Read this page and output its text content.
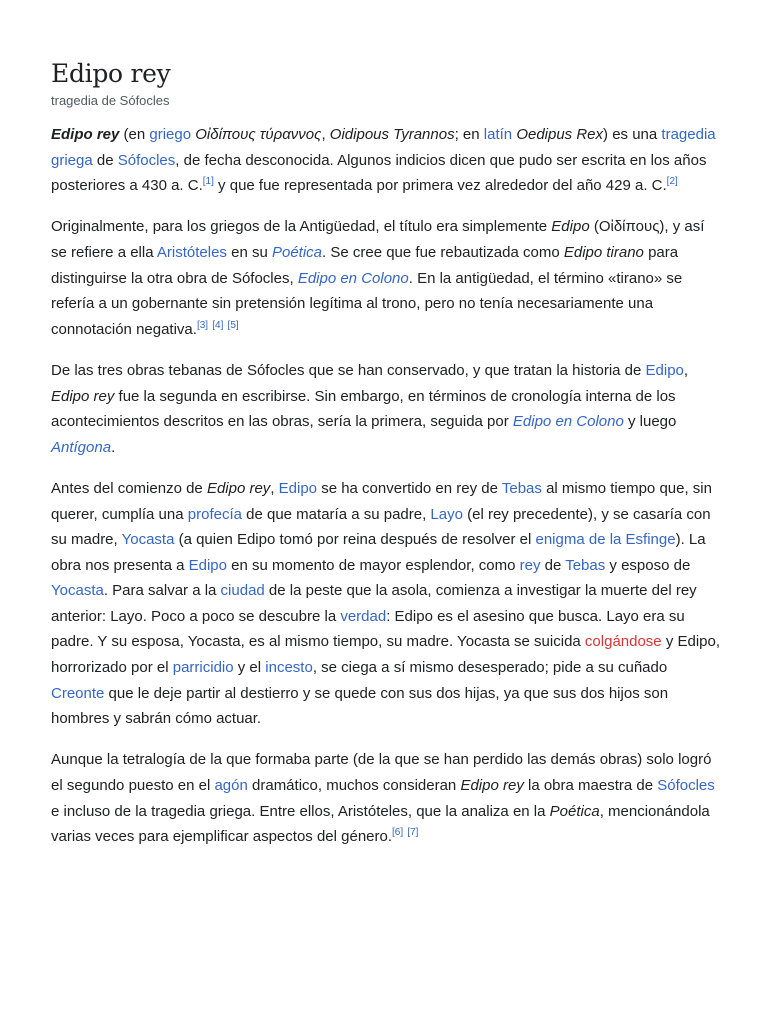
Edipo rey
tragedia de Sófocles

Edipo rey (en griego Οἰδίπους τύραννος, Oidipous Tyrannos; en latín Oedipus Rex) es una tragedia griega de Sófocles, de fecha desconocida. Algunos indicios dicen que pudo ser escrita en los años posteriores a 430 a. C.[1] y que fue representada por primera vez alrededor del año 429 a. C.[2]

Originalmente, para los griegos de la Antigüedad, el título era simplemente Edipo (Οἰδίπους), y así se refiere a ella Aristóteles en su Poética. Se cree que fue rebautizada como Edipo tirano para distinguirse la otra obra de Sófocles, Edipo en Colono. En la antigüedad, el término «tirano» se refería a un gobernante sin pretensión legítima al trono, pero no tenía necesariamente una connotación negativa.[3] [4] [5]

De las tres obras tebanas de Sófocles que se han conservado, y que tratan la historia de Edipo, Edipo rey fue la segunda en escribirse. Sin embargo, en términos de cronología interna de los acontecimientos descritos en las obras, sería la primera, seguida por Edipo en Colono y luego Antígona.

Antes del comienzo de Edipo rey, Edipo se ha convertido en rey de Tebas al mismo tiempo que, sin querer, cumplía una profecía de que mataría a su padre, Layo (el rey precedente), y se casaría con su madre, Yocasta (a quien Edipo tomó por reina después de resolver el enigma de la Esfinge). La obra nos presenta a Edipo en su momento de mayor esplendor, como rey de Tebas y esposo de Yocasta. Para salvar a la ciudad de la peste que la asola, comienza a investigar la muerte del rey anterior: Layo. Poco a poco se descubre la verdad: Edipo es el asesino que busca. Layo era su padre. Y su esposa, Yocasta, es al mismo tiempo, su madre. Yocasta se suicida colgándose y Edipo, horrorizado por el parricidio y el incesto, se ciega a sí mismo desesperado; pide a su cuñado Creonte que le deje partir al destierro y se quede con sus dos hijas, ya que sus dos hijos son hombres y sabrán cómo actuar.

Aunque la tetralogía de la que formaba parte (de la que se han perdido las demás obras) solo logró el segundo puesto en el agón dramático, muchos consideran Edipo rey la obra maestra de Sófocles e incluso de la tragedia griega. Entre ellos, Aristóteles, que la analiza en la Poética, mencionándola varias veces para ejemplificar aspectos del género.[6] [7]
